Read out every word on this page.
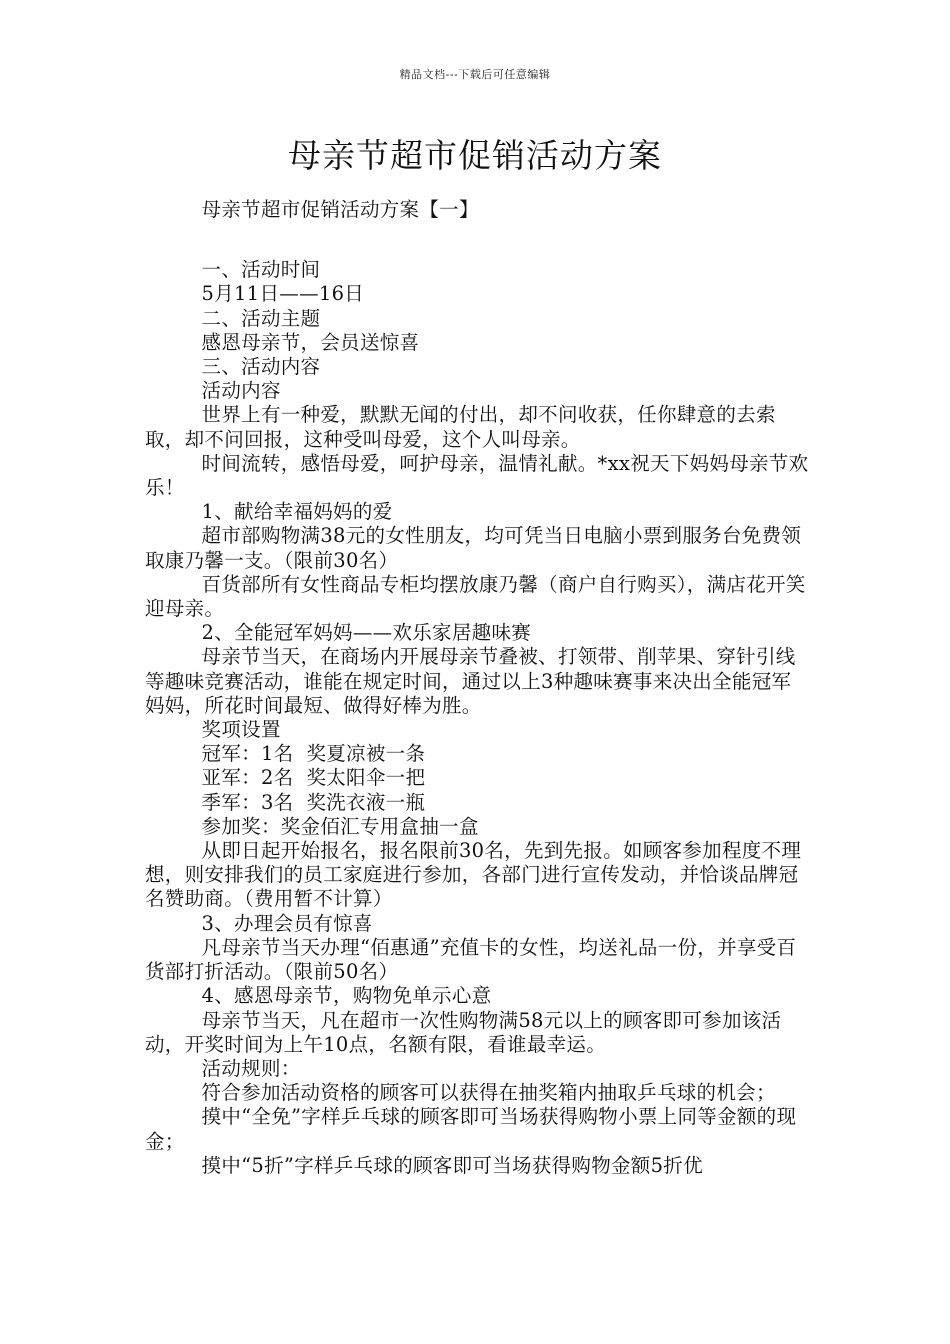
精品文档---下载后可任意编辑
母亲节超市促销活动方案

母亲节超市促销活动方案【一】

一、活动时间

5月11日——16日

二、活动主题

感恩母亲节，会员送惊喜

三、活动内容

活动内容

世界上有一种爱，默默无闻的付出，却不问收获，任你肆意的去索取，却不问回报，这种受叫母爱，这个人叫母亲。

时间流转，感悟母爱，呵护母亲，温情礼献。*xx祝天下妈妈母亲节欢乐！

1、献给幸福妈妈的爱

超市部购物满38元的女性朋友，均可凭当日电脑小票到服务台免费领取康乃馨一支。（限前30名）

百货部所有女性商品专柜均摆放康乃馨（商户自行购买），满店花开笑迎母亲。

2、全能冠军妈妈——欢乐家居趣味赛

母亲节当天，在商场内开展母亲节叠被、打领带、削苹果、穿针引线等趣味竞赛活动，谁能在规定时间，通过以上3种趣味赛事来决出全能冠军妈妈，所花时间最短、做得好棒为胜。

奖项设置

冠军：1名  奖夏凉被一条

亚军：2名  奖太阳伞一把

季军：3名  奖洗衣液一瓶

参加奖：奖金佰汇专用盒抽一盒

从即日起开始报名，报名限前30名，先到先报。如顾客参加程度不理想，则安排我们的员工家庭进行参加，各部门进行宣传发动，并恰谈品牌冠名赞助商。（费用暂不计算）

3、办理会员有惊喜

凡母亲节当天办理“佰惠通”充值卡的女性，均送礼品一份，并享受百货部打折活动。（限前50名）

4、感恩母亲节，购物免单示心意

母亲节当天，凡在超市一次性购物满58元以上的顾客即可参加该活动，开奖时间为上午10点，名额有限，看谁最幸运。

活动规则：

符合参加活动资格的顾客可以获得在抽奖箱内抽取乒乓球的机会；

摸中“全免”字样乒乓球的顾客即可当场获得购物小票上同等金额的现金；

摸中“5折”字样乒乓球的顾客即可当场获得购物金额5折优
